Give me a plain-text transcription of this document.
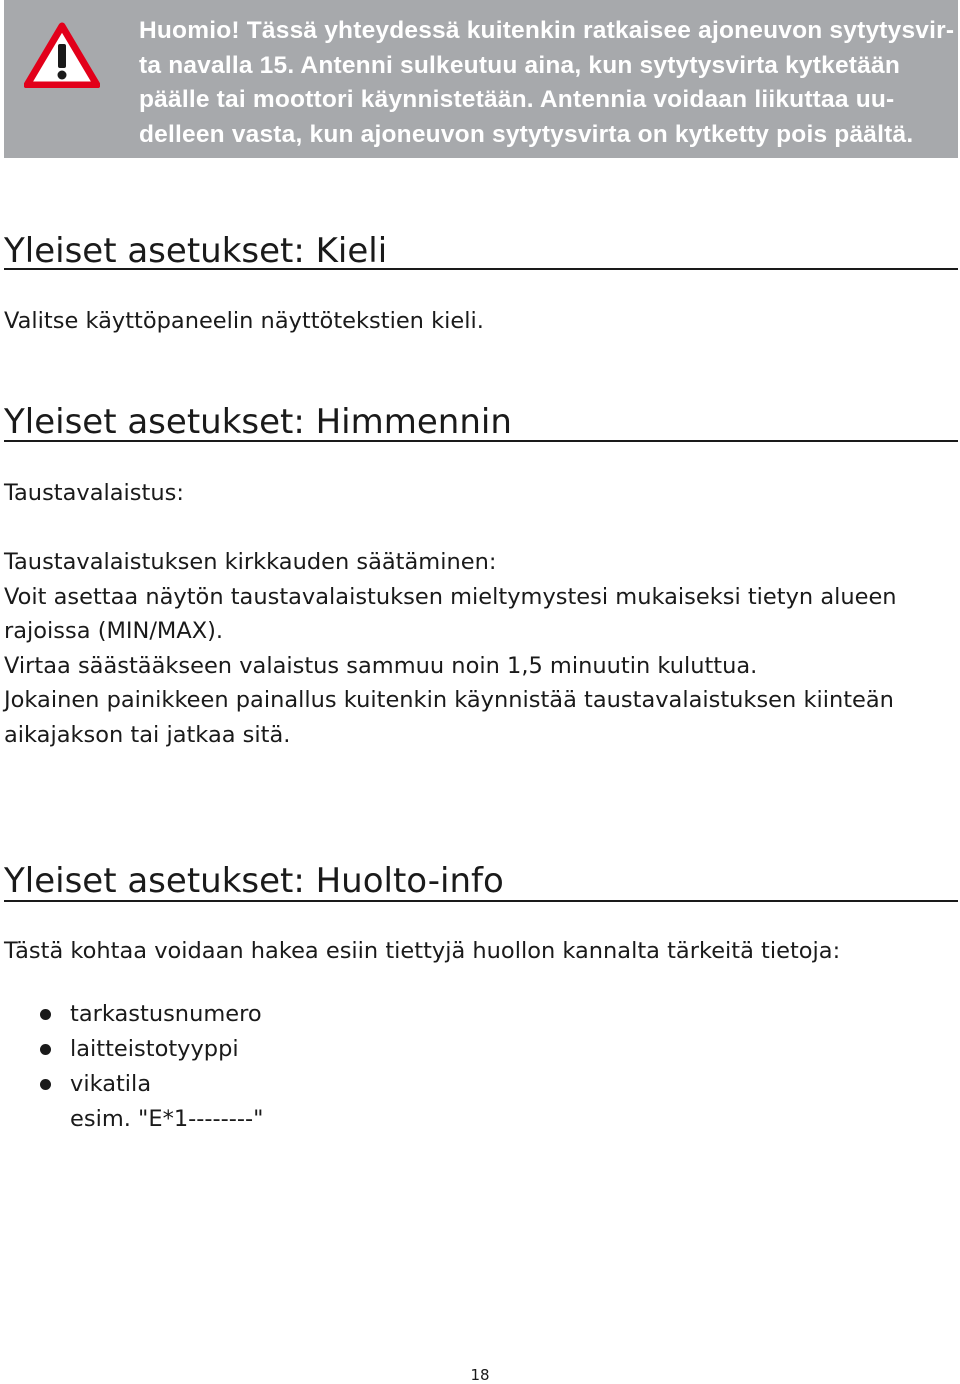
Huomio! Tässä yhteydessä kuitenkin ratkaisee ajoneuvon sytytysvir-
ta navalla 15. Antenni sulkeutuu aina, kun sytytysvirta kytketään
päälle tai moottori käynnistetään. Antennia voidaan liikuttaa uu-
delleen vasta, kun ajoneuvon sytytysvirta on kytketty pois päältä.
Yleiset asetukset: Kieli
Valitse käyttöpaneelin näyttötekstien kieli.
Yleiset asetukset: Himmennin
Taustavalaistus:
Taustavalaistuksen kirkkauden säätäminen:
Voit asettaa näytön taustavalaistuksen mieltymystesi mukaiseksi tietyn alueen
rajoissa (MIN/MAX).
Virtaa säästääkseen valaistus sammuu noin 1,5 minuutin kuluttua.
Jokainen painikkeen painallus kuitenkin käynnistää taustavalaistuksen kiinteän
aikajakson tai jatkaa sitä.
Yleiset asetukset: Huolto-info
Tästä kohtaa voidaan hakea esiin tiettyjä huollon kannalta tärkeitä tietoja:
tarkastusnumero
laitteistotyyppi
vikatila
esim. "E*1--------"
18
